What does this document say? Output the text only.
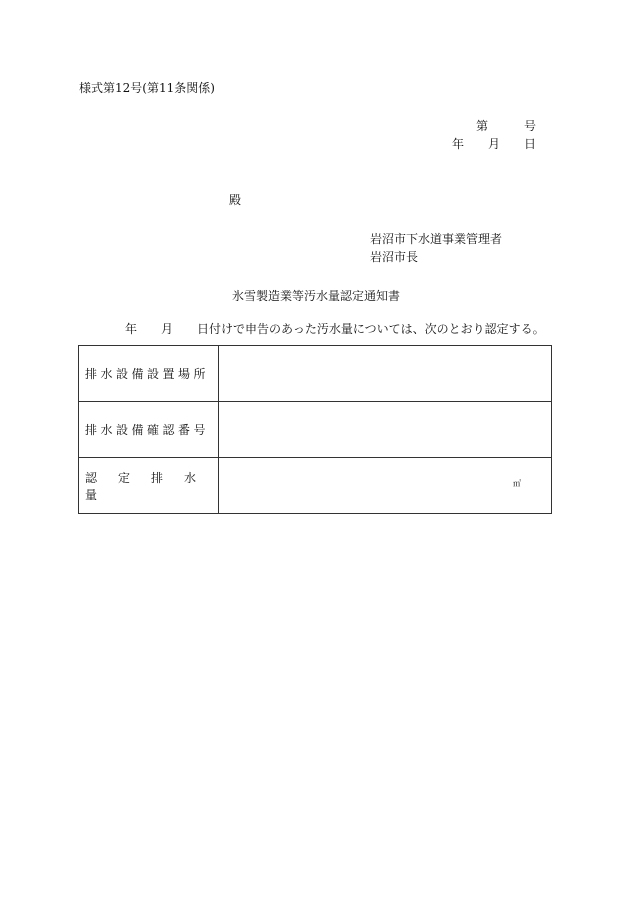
様式第12号(第11条関係)
第	号
年 月 日
殿
岩沼市下水道事業管理者
岩沼市長
氷雪製造業等汚水量認定通知書
年 月 日付けで申告のあった汚水量については、次のとおり認定する。
排水設備設置場所	
排水設備確認番号	
認定排水量	㎥
